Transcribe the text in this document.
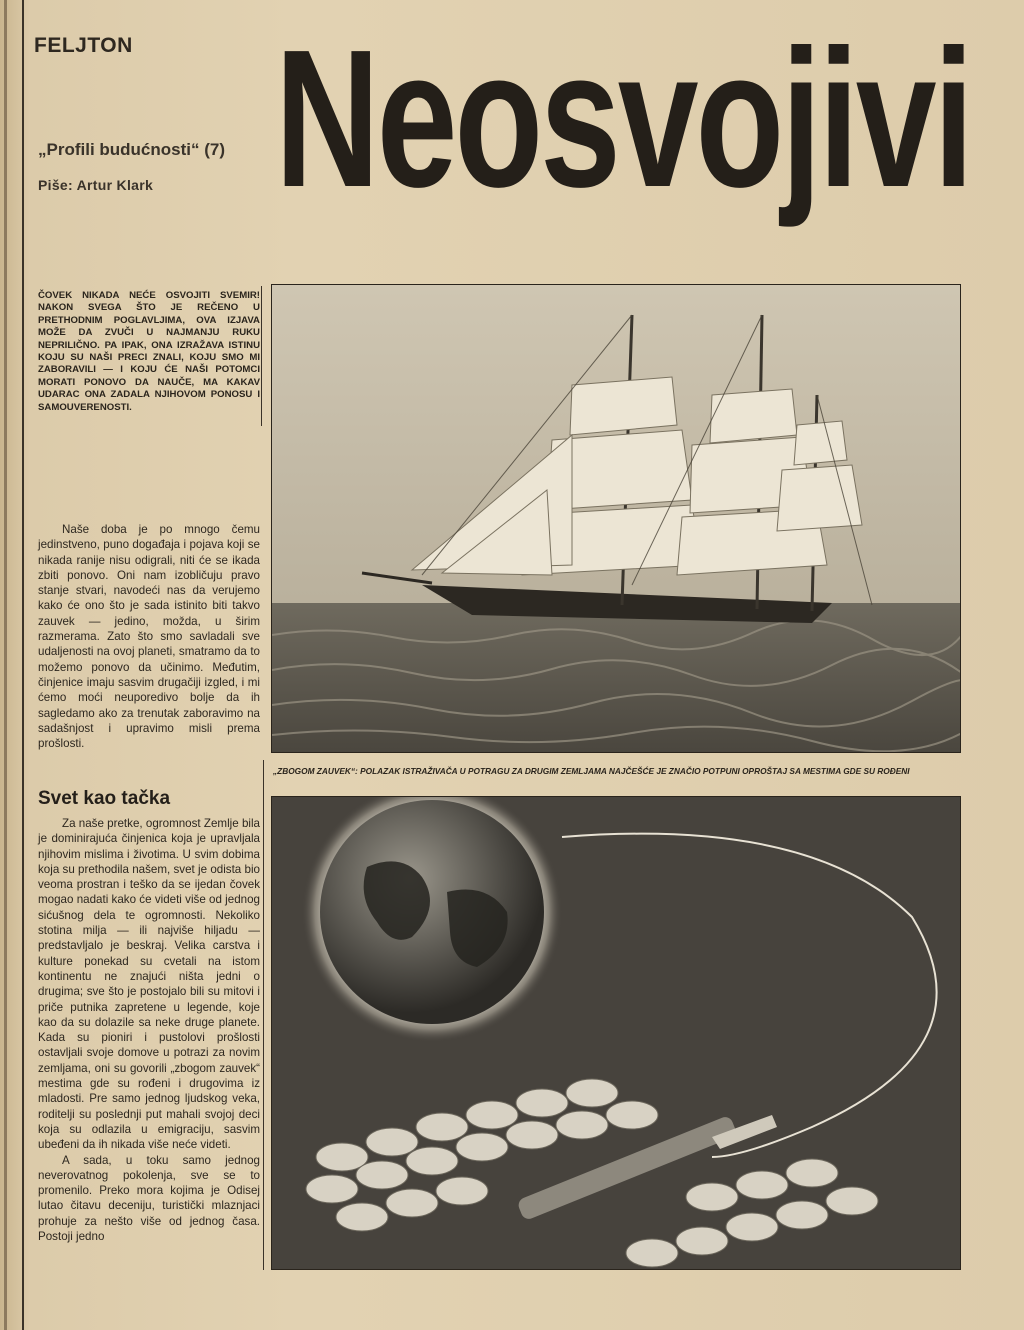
FELJTON
„Profili budućnosti“ (7)
Piše: Artur Klark Neosvojivi
ČOVEK NIKADA NEĆE OSVOJITI SVEMIR! NAKON SVEGA ŠTO JE REČENO U PRETHODNIM POGLAVLJIMA, OVA IZJAVA MOŽE DA ZVUČI U NAJMANJU RUKU NEPRILIČNO. PA IPAK, ONA IZRAŽAVA ISTINU KOJU SU NAŠI PRECI ZNALI, KOJU SMO MI ZABORAVILI — I KOJU ĆE NAŠI POTOMCI MORATI PONOVO DA NAUČE, MA KAKAV UDARAC ONA ZADALA NJIHOVOM PONOSU I SAMOUVERENOSTI.
Naše doba je po mnogo čemu jedinstveno, puno događaja i pojava koji se nikada ranije nisu odigrali, niti će se ikada zbiti ponovo. Oni nam izobličuju pravo stanje stvari, navodeći nas da verujemo kako će ono što je sada istinito biti takvo zauvek — jedino, možda, u širim razmerama. Zato što smo savladali sve udaljenosti na ovoj planeti, smatramo da to možemo ponovo da učinimo. Međutim, činjenice imaju sasvim drugačiji izgled, i mi ćemo moći neuporedivo bolje da ih sagledamo ako za trenutak zaboravimo na sadašnjost i upravimo misli prema prošlosti.
Svet kao tačka

Za naše pretke, ogromnost Zemlje bila je dominirajuća činjenica koja je upravljala njihovim mislima i životima. U svim dobima koja su prethodila našem, svet je odista bio veoma prostran i teško da se ijedan čovek mogao nadati kako će videti više od jednog sićušnog dela te ogromnosti. Nekoliko stotina milja — ili najviše hiljadu — predstavljalo je beskraj. Velika carstva i kulture ponekad su cvetali na istom kontinentu ne znajući ništa jedni o drugima; sve što je postojalo bili su mitovi i priče putnika zapretene u legende, koje kao da su dolazile sa neke druge planete. Kada su pioniri i pustolovi prošlosti ostavljali svoje domove u potrazi za novim zemljama, oni su govorili „zbogom zauvek“ mestima gde su rođeni i drugovima iz mladosti. Pre samo jednog ljudskog veka, roditelji su poslednji put mahali svojoj deci koja su odlazila u emigraciju, sasvim ubeđeni da ih nikada više neće videti.

A sada, u toku samo jednog neverovatnog pokolenja, sve se to promenilo. Preko mora kojima je Odisej lutao čitavu deceniju, turistički mlaznjaci prohuje za nešto više od jednog časa. Postoji jedno

„ZBOGOM ZAUVEK“: POLAZAK ISTRAŽIVAČA U POTRAGU ZA DRUGIM ZEMLJAMA NAJČEŠĆE JE ZNAČIO POTPUNI OPROŠTAJ SA MESTIMA GDE SU ROĐENI
